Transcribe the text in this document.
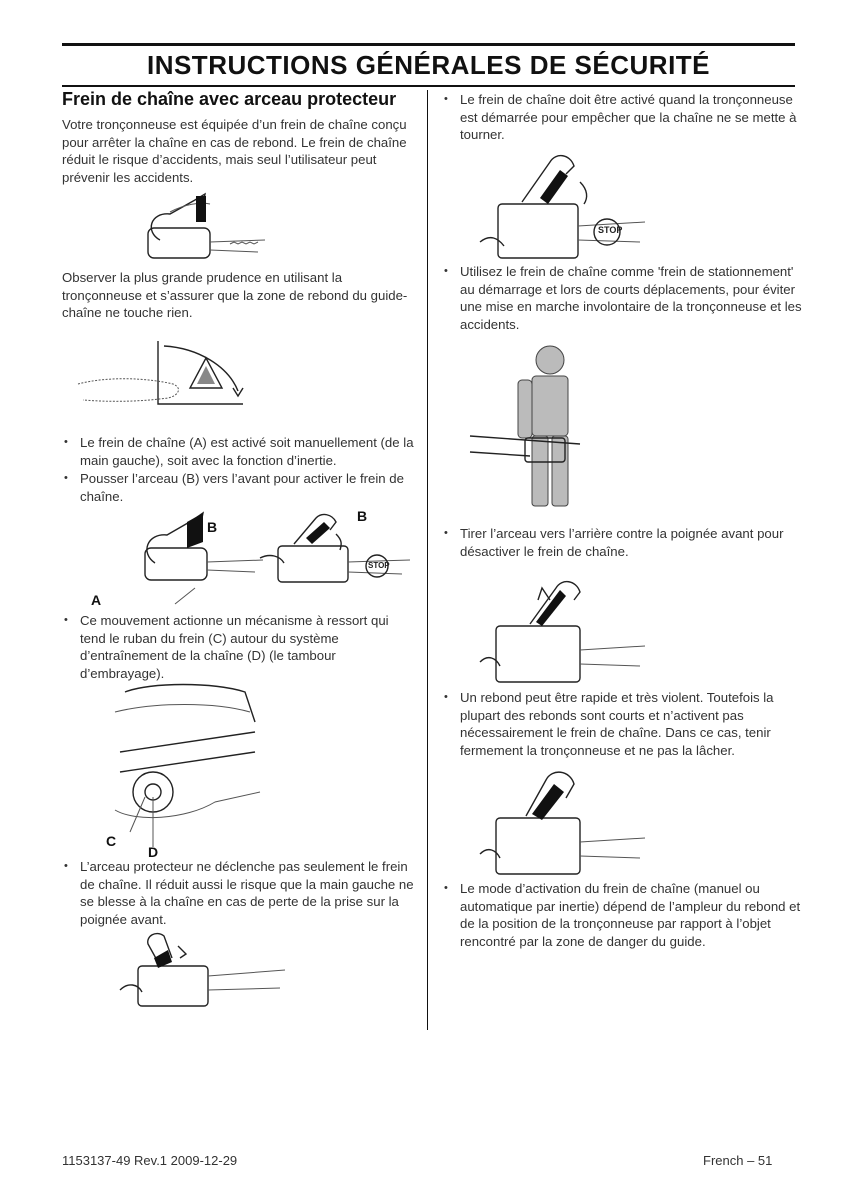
INSTRUCTIONS GÉNÉRALES DE SÉCURITÉ
Frein de chaîne avec arceau protecteur
Votre tronçonneuse est équipée d’un frein de chaîne conçu pour arrêter la chaîne en cas de rebond. Le frein de chaîne réduit le risque d’accidents, mais seul l’utilisateur peut prévenir les accidents.
Observer la plus grande prudence en utilisant la tronçonneuse et s’assurer que la zone de rebond du guide-chaîne ne touche rien.
• Le frein de chaîne (A) est activé soit manuellement (de la main gauche), soit avec la fonction d’inertie.
• Pousser l’arceau (B) vers l’avant pour activer le frein de chaîne.
B
A
B
STOP
• Ce mouvement actionne un mécanisme à ressort qui tend le ruban du frein (C) autour du système d’entraînement de la chaîne (D) (le tambour d’embrayage).
C
D
• L’arceau protecteur ne déclenche pas seulement le frein de chaîne. Il réduit aussi le risque que la main gauche ne se blesse à la chaîne en cas de perte de la prise sur la poignée avant.
• Le frein de chaîne doit être activé quand la tronçonneuse est démarrée pour empêcher que la chaîne ne se mette à tourner.
STOP
• Utilisez le frein de chaîne comme 'frein de stationnement' au démarrage et lors de courts déplacements, pour éviter une mise en marche involontaire de la tronçonneuse et les accidents.
• Tirer l’arceau vers l’arrière contre la poignée avant pour désactiver le frein de chaîne.
• Un rebond peut être rapide et très violent. Toutefois la plupart des rebonds sont courts et n’activent pas nécessairement le frein de chaîne. Dans ce cas, tenir fermement la tronçonneuse et ne pas la lâcher.
• Le mode d’activation du frein de chaîne (manuel ou automatique par inertie) dépend de l’ampleur du rebond et de la position de la tronçonneuse par rapport à l’objet rencontré par la zone de danger du guide.
1153137-49 Rev.1 2009-12-29	French – 51
